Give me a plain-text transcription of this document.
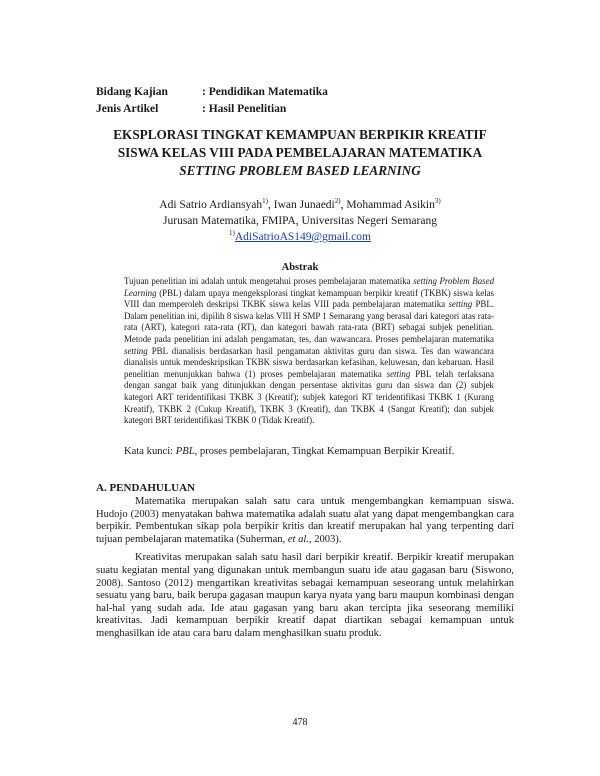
Bidang Kajian	: Pendidikan Matematika
Jenis Artikel	: Hasil Penelitian
EKSPLORASI TINGKAT KEMAMPUAN BERPIKIR KREATIF
SISWA KELAS VIII PADA PEMBELAJARAN MATEMATIKA
SETTING PROBLEM BASED LEARNING
Adi Satrio Ardiansyah$^{1)}$, Iwan Junaedi$^{2)}$, Mohammad Asikin$^{3)}$
Jurusan Matematika, FMIPA, Universitas Negeri Semarang
$^{1)}$AdiSatrioAS149@gmail.com
Abstrak

Tujuan penelitian ini adalah untuk mengetahui proses pembelajaran matematika setting Problem Based Learning (PBL) dalam upaya mengeksplorasi tingkat kemampuan berpikir kreatif (TKBK) siswa kelas VIII dan memperoleh deskripsi TKBK siswa kelas VIII pada pembelajaran matematika setting PBL. Dalam penelitian ini, dipilih 8 siswa kelas VIII H SMP 1 Semarang yang berasal dari kategori atas rata-rata (ART), kategori rata-rata (RT), dan kategori bawah rata-rata (BRT) sebagai subjek penelitian. Metode pada penelitian ini adalah pengamatan, tes, dan wawancara. Proses pembelajaran matematika setting PBL dianalisis berdasarkan hasil pengamatan aktivitas guru dan siswa. Tes dan wawancara dianalisis untuk mendeskripsikan TKBK siswa berdasarkan kefasihan, keluwesan, dan kebaruan. Hasil penelitian menunjukkan bahwa (1) proses pembelajaran matematika setting PBL telah terlaksana dengan sangat baik yang ditunjukkan dengan persentase aktivitas guru dan siswa dan (2) subjek kategori ART teridentifikasi TKBK 3 (Kreatif); subjek kategori RT teridentifikasi TKBK 1 (Kurang Kreatif), TKBK 2 (Cukup Kreatif), TKBK 3 (Kreatif), dan TKBK 4 (Sangat Kreatif); dan subjek kategori BRT teridentifikasi TKBK 0 (Tidak Kreatif).

Kata kunci: PBL, proses pembelajaran, Tingkat Kemampuan Berpikir Kreatif.
A. PENDAHULUAN

Matematika merupakan salah satu cara untuk mengembangkan kemampuan siswa. Hudojo (2003) menyatakan bahwa matematika adalah suatu alat yang dapat mengembangkan cara berpikir. Pembentukan sikap pola berpikir kritis dan kreatif merupakan hal yang terpenting dari tujuan pembelajaran matematika (Suherman, et al., 2003).

Kreativitas merupakan salah satu hasil dari berpikir kreatif. Berpikir kreatif merupakan suatu kegiatan mental yang digunakan untuk membangun suatu ide atau gagasan baru (Siswono, 2008). Santoso (2012) mengartikan kreativitas sebagai kemampuan seseorang untuk melahirkan sesuatu yang baru, baik berupa gagasan maupun karya nyata yang baru maupun kombinasi dengan hal-hal yang sudah ada. Ide atau gagasan yang baru akan tercipta jika seseorang memiliki kreativitas. Jadi kemampuan berpikir kreatif dapat diartikan sebagai kemampuan untuk menghasilkan ide atau cara baru dalam menghasilkan suatu produk.

478
